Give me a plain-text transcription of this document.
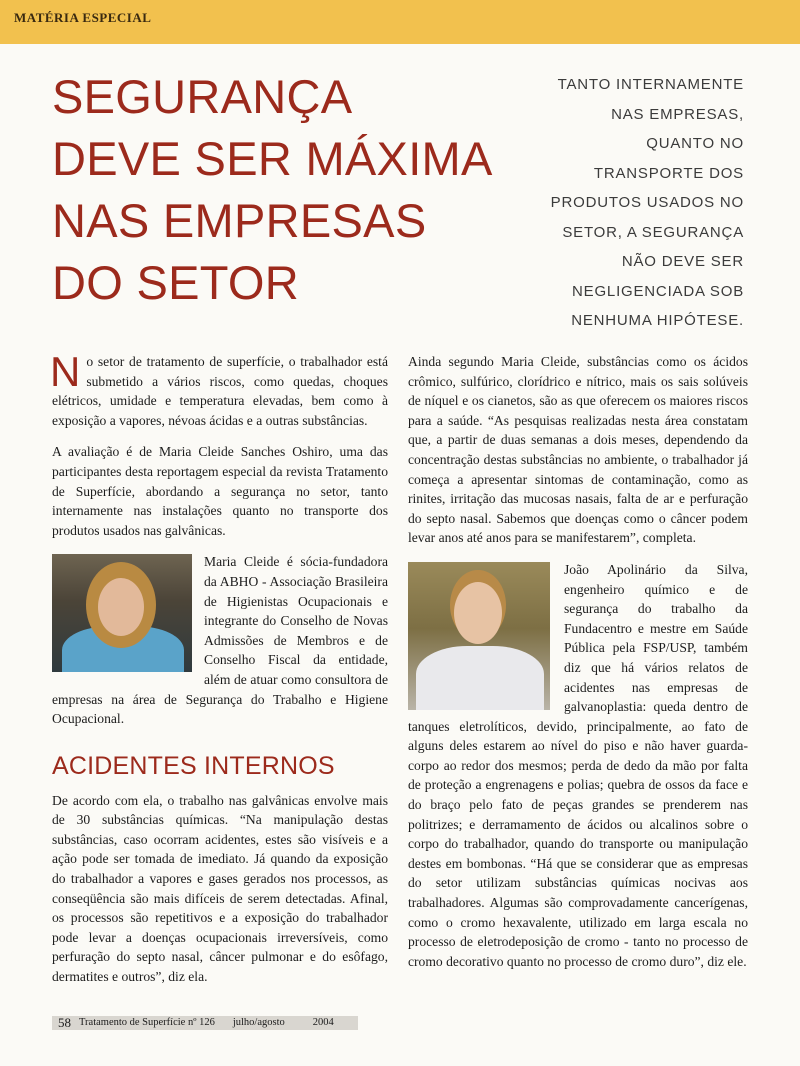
MATÉRIA ESPECIAL
SEGURANÇA
DEVE SER MÁXIMA
NAS EMPRESAS
DO SETOR
TANTO INTERNAMENTE
NAS EMPRESAS,
QUANTO NO
TRANSPORTE DOS
PRODUTOS USADOS NO
SETOR, A SEGURANÇA
NÃO DEVE SER
NEGLIGENCIADA SOB
NENHUMA HIPÓTESE.

N o setor de tratamento de superfície, o trabalhador está submetido a vários riscos, como quedas, choques elétricos, umidade e temperatura elevadas, bem como à exposição a vapores, névoas ácidas e a outras substâncias.

A avaliação é de Maria Cleide Sanches Oshiro, uma das participantes desta reportagem especial da revista Tratamento de Superfície, abordando a segurança no setor, tanto internamente nas instalações quanto no transporte dos produtos usados nas galvânicas.

Maria Cleide é sócia-fundadora da ABHO - Associação Brasileira de Higienistas Ocupacionais e integrante do Conselho de Novas Admissões de Membros e de Conselho Fiscal da entidade, além de atuar como consultora de empresas na área de Segurança do Trabalho e Higiene Ocupacional.

ACIDENTES INTERNOS

De acordo com ela, o trabalho nas galvânicas envolve mais de 30 substâncias químicas. “Na manipulação destas substâncias, caso ocorram acidentes, estes são visíveis e a ação pode ser tomada de imediato. Já quando da exposição do trabalhador a vapores e gases gerados nos processos, as conseqüência são mais difíceis de serem detectadas. Afinal, os processos são repetitivos e a exposição do trabalhador pode levar a doenças ocupacionais irreversíveis, como perfuração do septo nasal, câncer pulmonar e do esôfago, dermatites e outros”, diz ela.

Ainda segundo Maria Cleide, substâncias como os ácidos crômico, sulfúrico, clorídrico e nítrico, mais os sais solúveis de níquel e os cianetos, são as que oferecem os maiores riscos para a saúde. “As pesquisas realizadas nesta área constatam que, a partir de duas semanas a dois meses, dependendo da concentração destas substâncias no ambiente, o trabalhador já começa a apresentar sintomas de contaminação, como as rinites, irritação das mucosas nasais, falta de ar e perfuração do septo nasal. Sabemos que doenças como o câncer podem levar anos até anos para se manifestarem”, completa.

João Apolinário da Silva, engenheiro químico e de segurança do trabalho da Fundacentro e mestre em Saúde Pública pela FSP/USP, também diz que há vários relatos de acidentes nas empresas de galvanoplastia: queda dentro de tanques eletrolíticos, devido, principalmente, ao fato de alguns deles estarem ao nível do piso e não haver guarda-corpo ao redor dos mesmos; perda de dedo da mão por falta de proteção a engrenagens e polias; quebra de ossos da face e do braço pelo fato de peças grandes se prenderem nas politrizes; e derramamento de ácidos ou alcalinos sobre o corpo do trabalhador, quando do transporte ou manipulação destes em bombonas. “Há que se considerar que as empresas do setor utilizam substâncias químicas nocivas aos trabalhadores. Algumas são comprovadamente cancerígenas, como o cromo hexavalente, utilizado em larga escala no processo de eletrodeposição de cromo - tanto no processo de cromo decorativo quanto no processo de cromo duro”, diz ele.

58 Tratamento de Superfície nº 126 julho/agosto	2004
